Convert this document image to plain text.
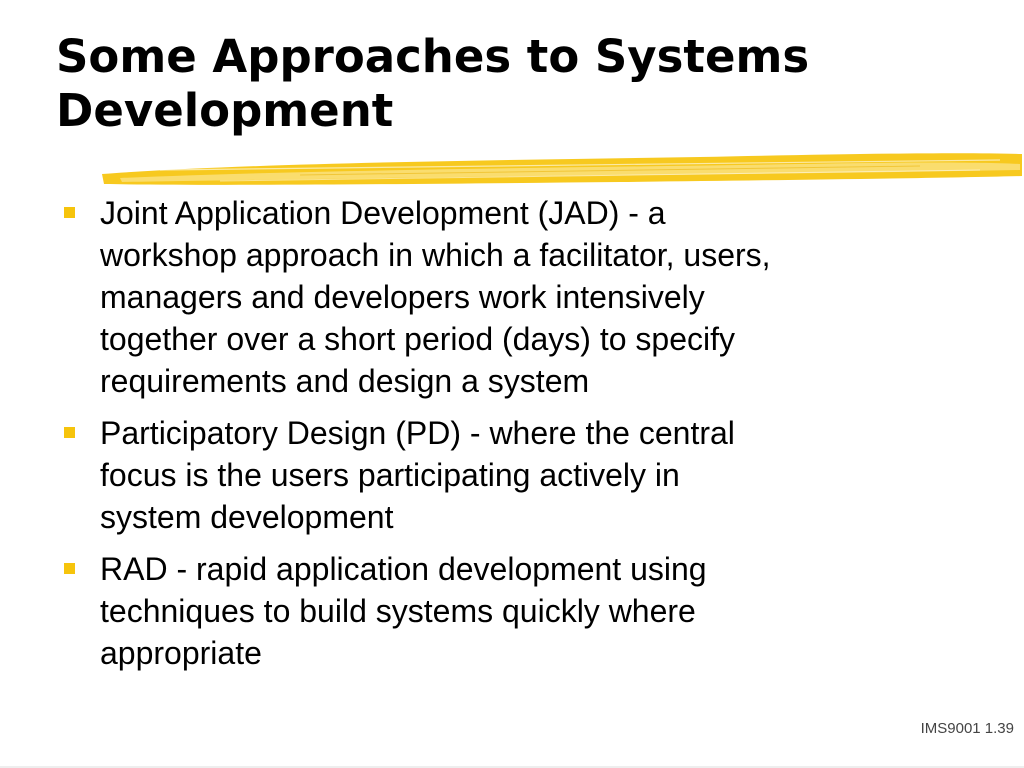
Some Approaches to Systems
Development
Joint Application Development (JAD) - a
workshop approach in which a facilitator, users,
managers and developers work intensively
together over a short period (days) to specify
requirements and design a system
Participatory Design (PD) - where the central
focus is the users participating actively in
system development
RAD - rapid application development using
techniques to build systems quickly where
appropriate
IMS9001 1.39
